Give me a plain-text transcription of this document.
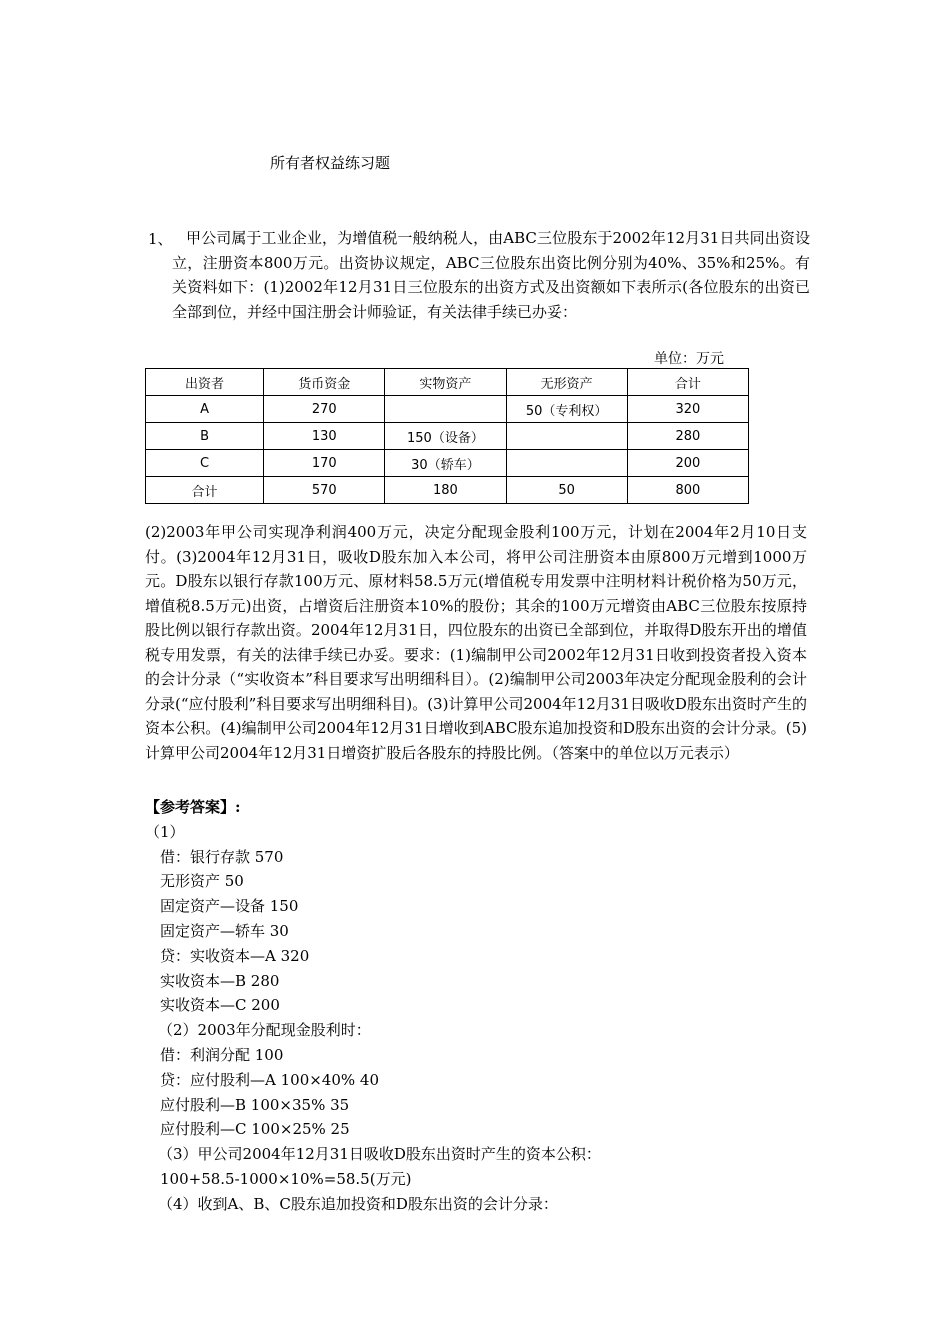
所有者权益练习题
1、 甲公司属于工业企业，为增值税一般纳税人，由ABC三位股东于2002年12月31日共同出资设立，注册资本800万元。出资协议规定，ABC三位股东出资比例分别为40%、35%和25%。有关资料如下：(1)2002年12月31日三位股东的出资方式及出资额如下表所示(各位股东的出资已全部到位，并经中国注册会计师验证，有关法律手续已办妥：
单位：万元
出资者	货币资金	实物资产	无形资产	合计
A	270		50（专利权）	320
B	130	150（设备）		280
C	170	30（轿车）		200
合计	570	180	50	800
(2)2003年甲公司实现净利润400万元，决定分配现金股利100万元，计划在2004年2月10日支付。(3)2004年12月31日，吸收D股东加入本公司，将甲公司注册资本由原800万元增到1000万元。D股东以银行存款100万元、原材料58.5万元(增值税专用发票中注明材料计税价格为50万元，增值税8.5万元)出资，占增资后注册资本10%的股份；其余的100万元增资由ABC三位股东按原持股比例以银行存款出资。2004年12月31日，四位股东的出资已全部到位，并取得D股东开出的增值税专用发票，有关的法律手续已办妥。要求：(1)编制甲公司2002年12月31日收到投资者投入资本的会计分录（“实收资本”科目要求写出明细科目）。(2)编制甲公司2003年决定分配现金股利的会计分录(“应付股利”科目要求写出明细科目)。(3)计算甲公司2004年12月31日吸收D股东出资时产生的资本公积。(4)编制甲公司2004年12月31日增收到ABC股东追加投资和D股东出资的会计分录。(5)计算甲公司2004年12月31日增资扩股后各股东的持股比例。（答案中的单位以万元表示）
【参考答案】:
（1）
借：银行存款 570
无形资产 50
固定资产—设备 150
固定资产—轿车 30
贷：实收资本—A 320
实收资本—B 280
实收资本—C 200
（2）2003年分配现金股利时：
借：利润分配 100
贷：应付股利—A 100×40% 40
应付股利—B 100×35% 35
应付股利—C 100×25% 25
（3）甲公司2004年12月31日吸收D股东出资时产生的资本公积：
100+58.5-1000×10%=58.5(万元)
（4）收到A、B、C股东追加投资和D股东出资的会计分录：
